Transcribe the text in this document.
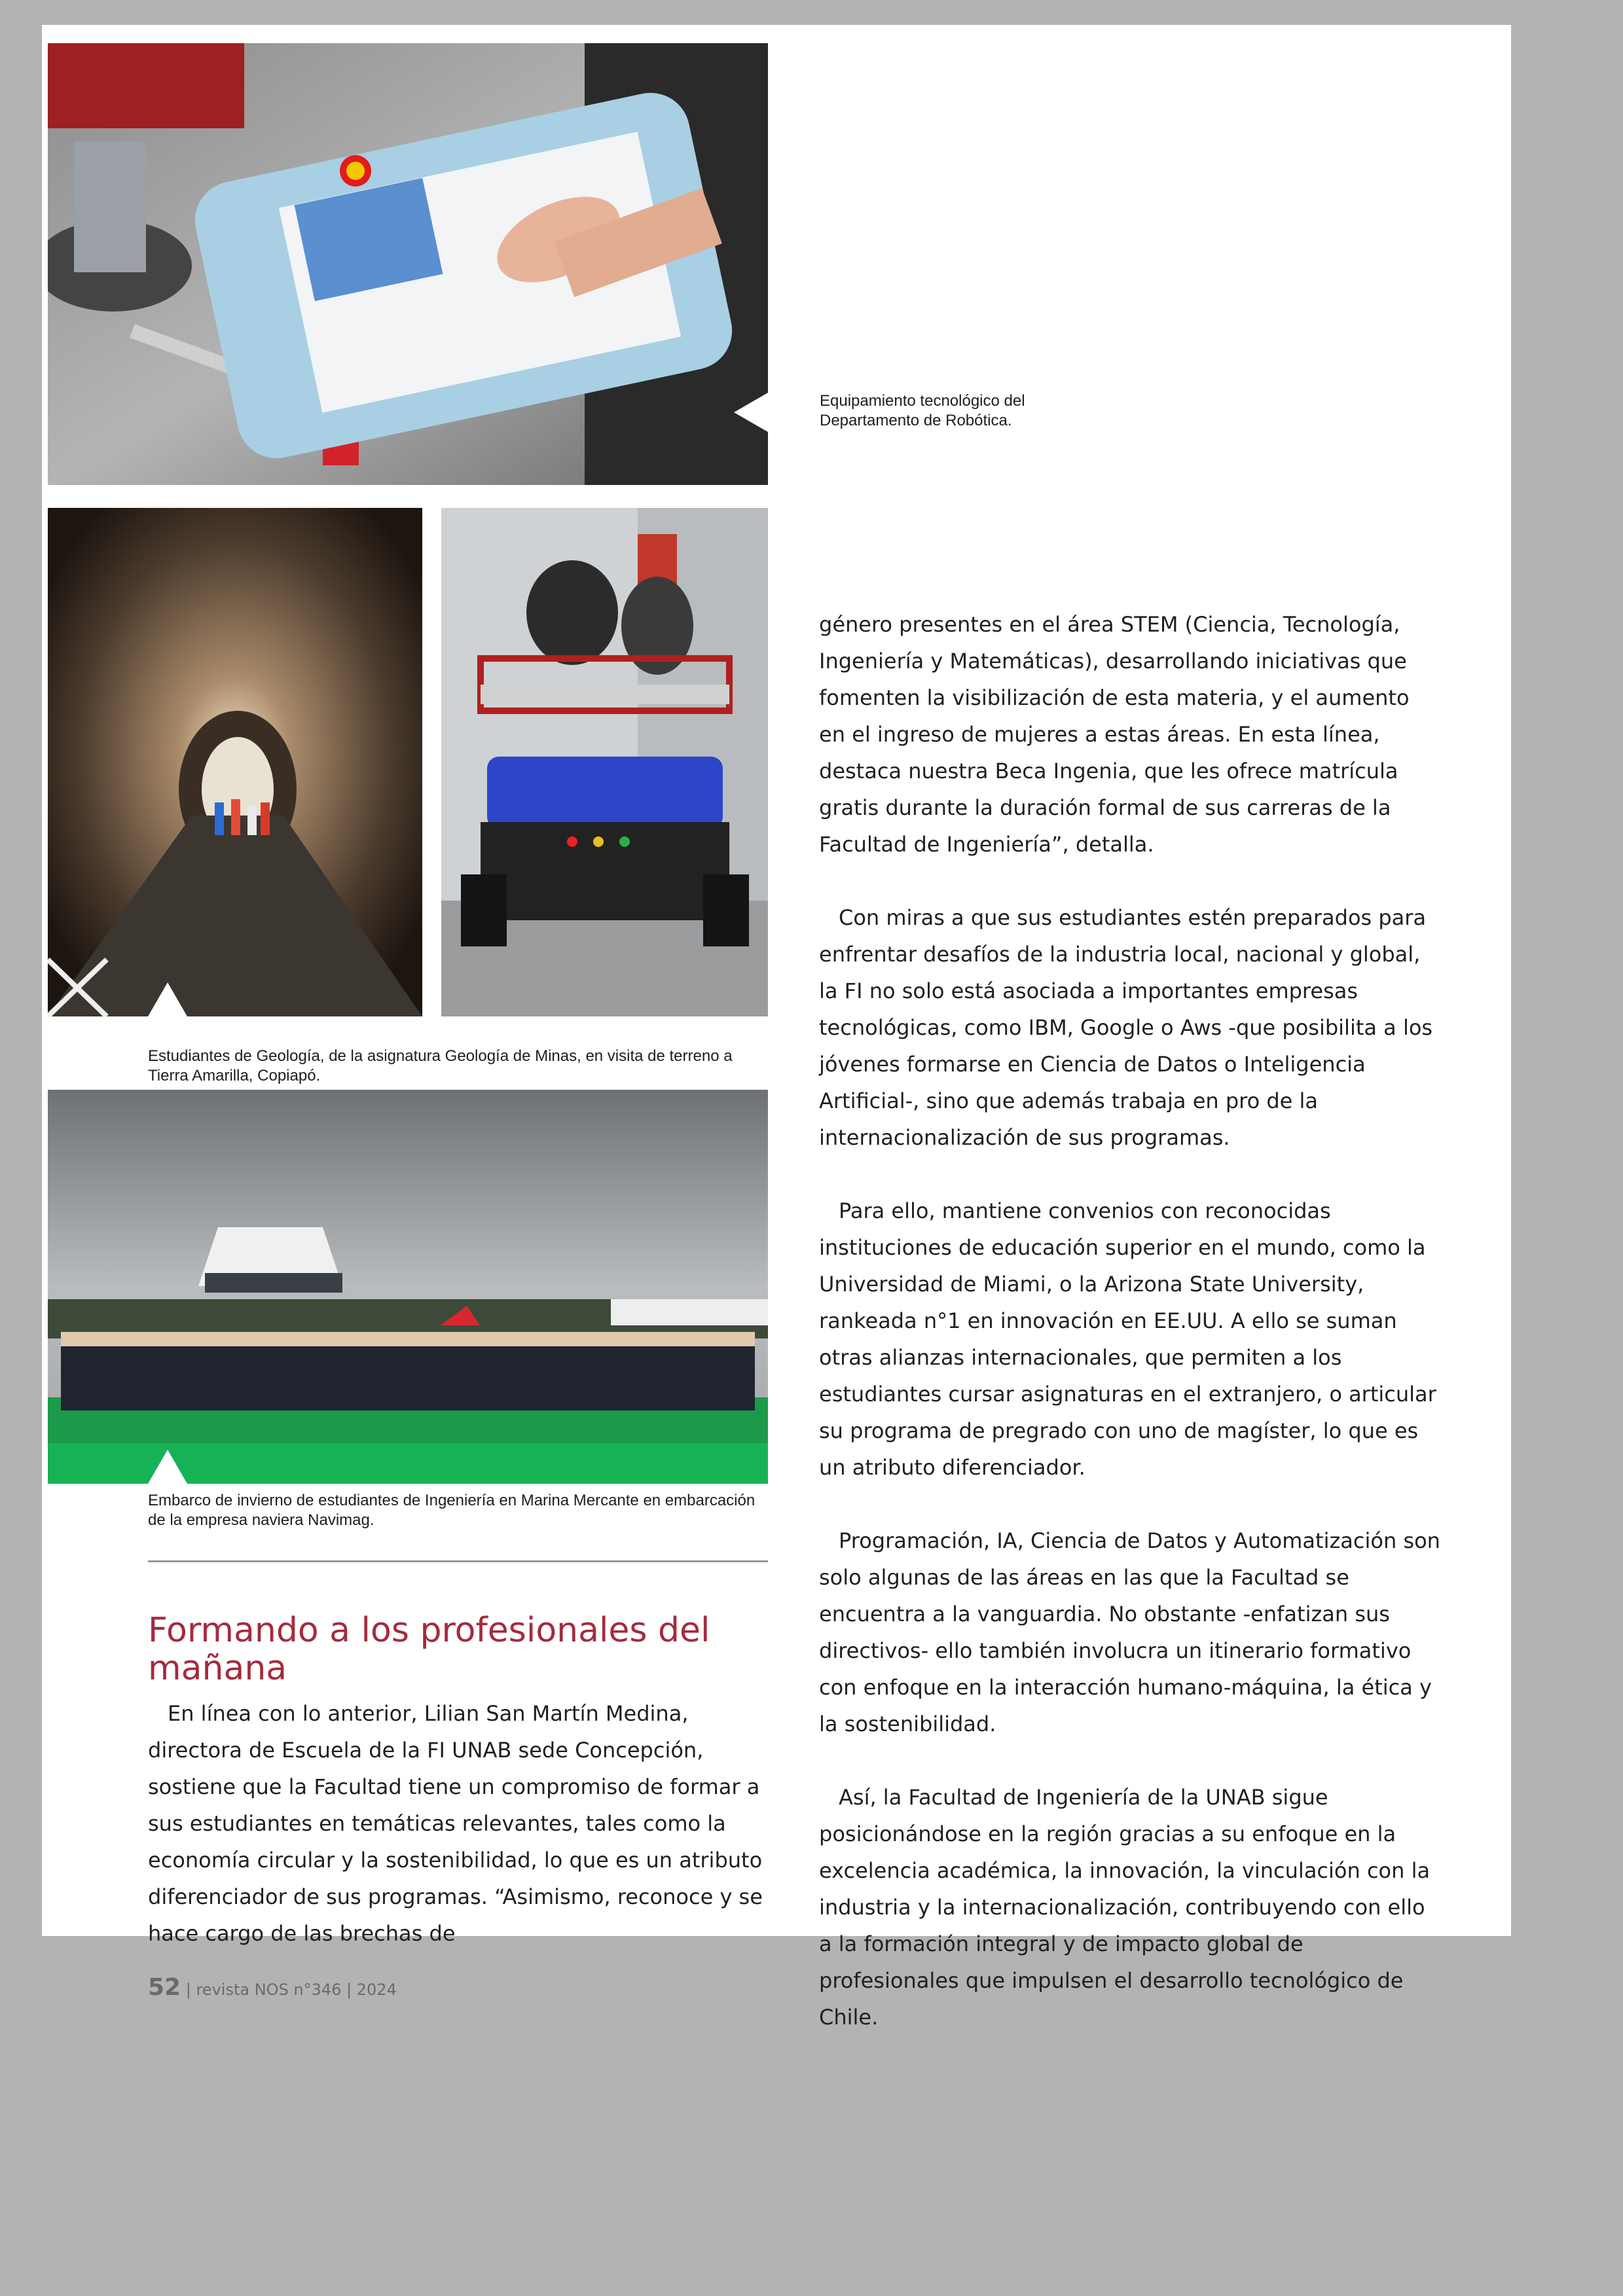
Equipamiento tecnológico del Departamento de Robótica.

Estudiantes de Geología, de la asignatura Geología de Minas, en visita de terreno a Tierra Amarilla, Copiapó.

Embarco de invierno de estudiantes de Ingeniería en Marina Mercante en embarcación de la empresa naviera Navimag.

Formando a los profesionales del mañana

En línea con lo anterior, Lilian San Martín Medina, directora de Escuela de la FI UNAB sede Concepción, sostiene que la Facultad tiene un compromiso de formar a sus estudiantes en temáticas relevantes, tales como la economía circular y la sostenibilidad, lo que es un atributo diferenciador de sus programas. “Asimismo, reconoce y se hace cargo de las brechas de

género presentes en el área STEM (Ciencia, Tecnología, Ingeniería y Matemáticas), desarrollando iniciativas que fomenten la visibilización de esta materia, y el aumento en el ingreso de mujeres a estas áreas. En esta línea, destaca nuestra Beca Ingenia, que les ofrece matrícula gratis durante la duración formal de sus carreras de la Facultad de Ingeniería”, detalla.

Con miras a que sus estudiantes estén preparados para enfrentar desafíos de la industria local, nacional y global, la FI no solo está asociada a importantes empresas tecnológicas, como IBM, Google o Aws -que posibilita a los jóvenes formarse en Ciencia de Datos o Inteligencia Artificial-, sino que además trabaja en pro de la internacionalización de sus programas.

Para ello, mantiene convenios con reconocidas instituciones de educación superior en el mundo, como la Universidad de Miami, o la Arizona State University, rankeada n°1 en innovación en EE.UU. A ello se suman otras alianzas internacionales, que permiten a los estudiantes cursar asignaturas en el extranjero, o articular su programa de pregrado con uno de magíster, lo que es un atributo diferenciador.

Programación, IA, Ciencia de Datos y Automatización son solo algunas de las áreas en las que la Facultad se encuentra a la vanguardia. No obstante -enfatizan sus directivos- ello también involucra un itinerario formativo con enfoque en la interacción humano-máquina, la ética y la sostenibilidad.

Así, la Facultad de Ingeniería de la UNAB sigue posicionándose en la región gracias a su enfoque en la excelencia académica, la innovación, la vinculación con la industria y la internacionalización, contribuyendo con ello a la formación integral y de impacto global de profesionales que impulsen el desarrollo tecnológico de Chile.

52 | revista NOS n°346 | 2024
